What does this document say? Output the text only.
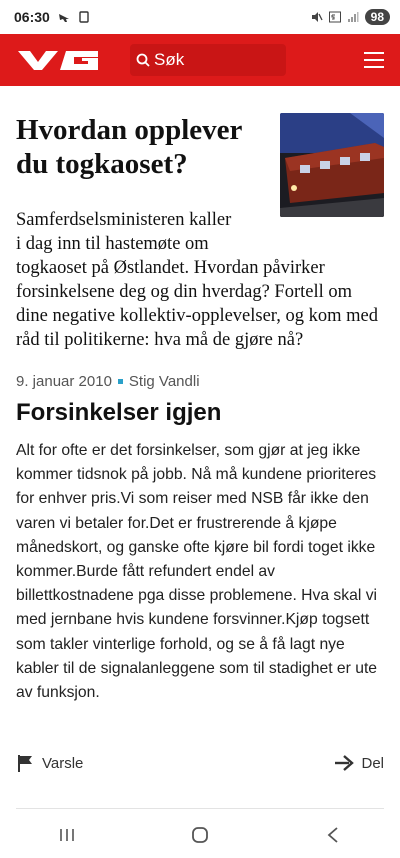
06:30	98
Søk
Hvordan opplever du togkaoset?

Samferdselsministeren kaller
i dag inn til hastemøte om
togkaoset på Østlandet. Hvordan påvirker forsinkelsene deg og din hverdag? Fortell om dine negative kollektiv-opplevelser, og kom med råd til politikerne: hva må de gjøre nå?

9. januar 2010 Stig Vandli
Forsinkelser igjen

Alt for ofte er det forsinkelser, som gjør at jeg ikke kommer tidsnok på jobb. Nå må kundene prioriteres for enhver pris.Vi som reiser med NSB får ikke den varen vi betaler for.Det er frustrerende å kjøpe månedskort, og ganske ofte kjøre bil fordi toget ikke kommer.Burde fått refundert endel av billettkostnadene pga disse problemene. Hva skal vi med jernbane hvis kundene forsvinner.Kjøp togsett som takler vinterlige forhold, og se å få lagt nye kabler til de signalanleggene som til stadighet er ute av funksjon.

Varsle	Del
